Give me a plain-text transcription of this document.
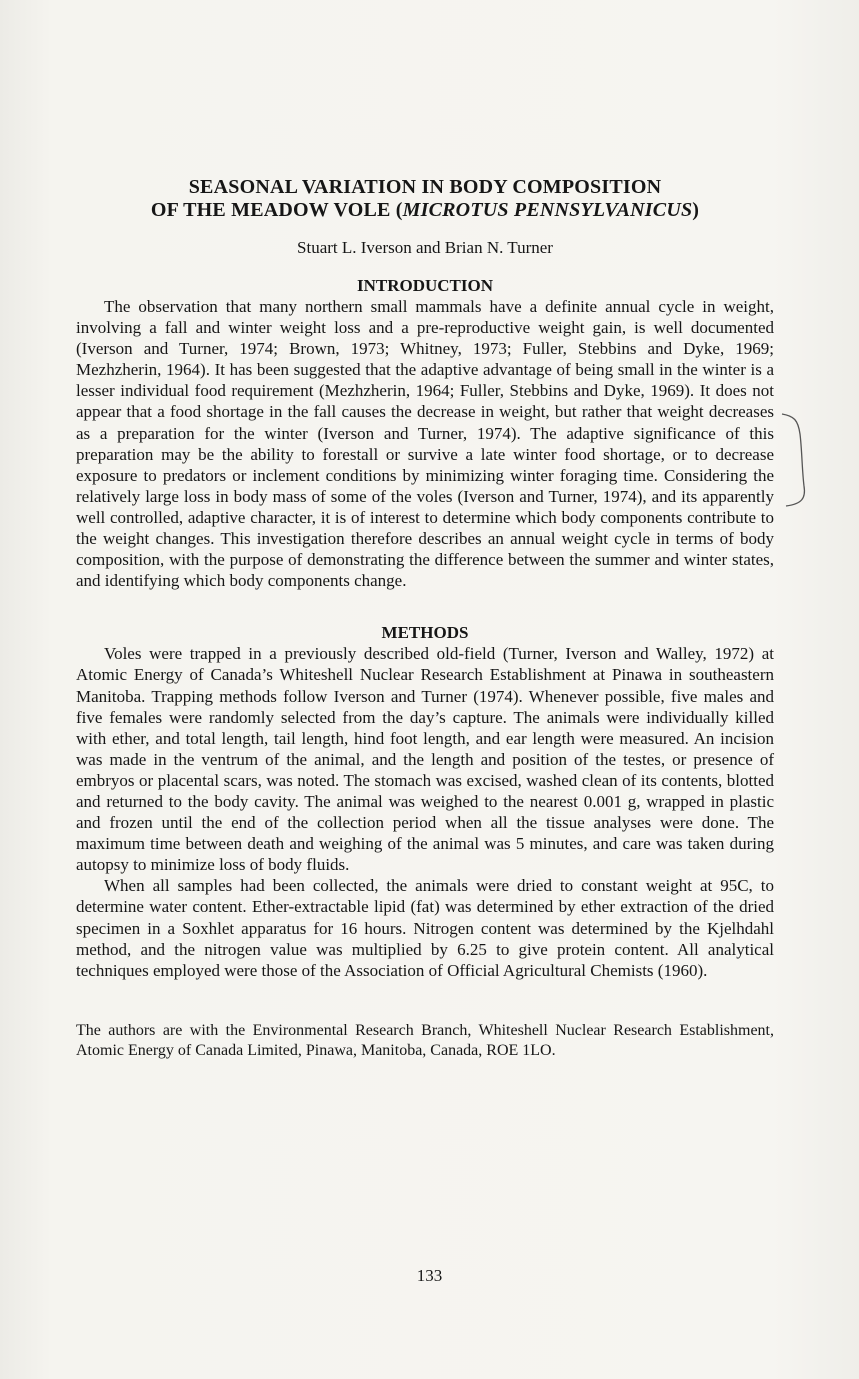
SEASONAL VARIATION IN BODY COMPOSITION
OF THE MEADOW VOLE (MICROTUS PENNSYLVANICUS)
Stuart L. Iverson and Brian N. Turner
INTRODUCTION

The observation that many northern small mammals have a definite annual cycle in weight, involving a fall and winter weight loss and a pre-reproductive weight gain, is well documented (Iverson and Turner, 1974; Brown, 1973; Whitney, 1973; Fuller, Stebbins and Dyke, 1969; Mezhzherin, 1964). It has been suggested that the adaptive advantage of being small in the winter is a lesser individual food requirement (Mezhzherin, 1964; Fuller, Stebbins and Dyke, 1969). It does not appear that a food shortage in the fall causes the decrease in weight, but rather that weight decreases as a preparation for the winter (Iverson and Turner, 1974). The adaptive significance of this preparation may be the ability to forestall or survive a late winter food shortage, or to decrease exposure to predators or inclement conditions by minimizing winter foraging time. Considering the relatively large loss in body mass of some of the voles (Iverson and Turner, 1974), and its apparently well controlled, adaptive character, it is of interest to determine which body components contribute to the weight changes. This investigation therefore describes an annual weight cycle in terms of body composition, with the purpose of demonstrating the difference between the summer and winter states, and identifying which body components change.

METHODS

Voles were trapped in a previously described old-field (Turner, Iverson and Walley, 1972) at Atomic Energy of Canada’s Whiteshell Nuclear Research Establishment at Pinawa in southeastern Manitoba. Trapping methods follow Iverson and Turner (1974). Whenever possible, five males and five females were randomly selected from the day’s capture. The animals were individually killed with ether, and total length, tail length, hind foot length, and ear length were measured. An incision was made in the ventrum of the animal, and the length and position of the testes, or presence of embryos or placental scars, was noted. The stomach was excised, washed clean of its contents, blotted and returned to the body cavity. The animal was weighed to the nearest 0.001 g, wrapped in plastic and frozen until the end of the collection period when all the tissue analyses were done. The maximum time between death and weighing of the animal was 5 minutes, and care was taken during autopsy to minimize loss of body fluids.

When all samples had been collected, the animals were dried to constant weight at 95C, to determine water content. Ether-extractable lipid (fat) was determined by ether extraction of the dried specimen in a Soxhlet apparatus for 16 hours. Nitrogen content was determined by the Kjelhdahl method, and the nitrogen value was multiplied by 6.25 to give protein content. All analytical techniques employed were those of the Association of Official Agricultural Chemists (1960).

The authors are with the Environmental Research Branch, Whiteshell Nuclear Research Establishment, Atomic Energy of Canada Limited, Pinawa, Manitoba, Canada, ROE 1LO.
133
